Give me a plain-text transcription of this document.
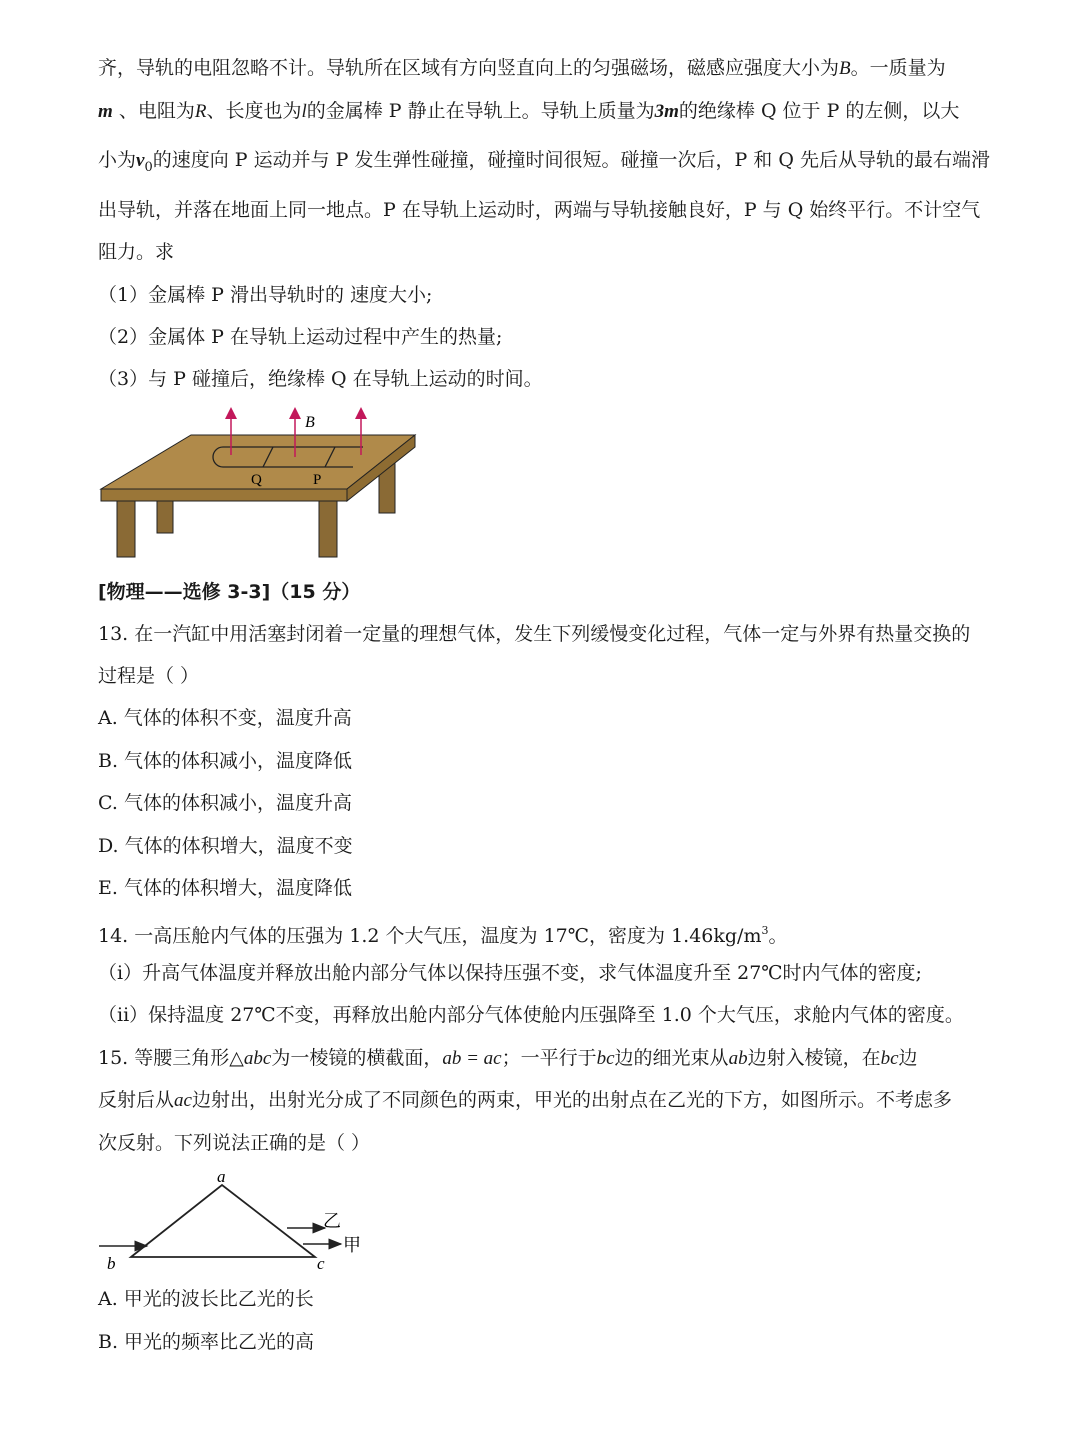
齐，导轨的电阻忽略不计。导轨所在区域有方向竖直向上的匀强磁场，磁感应强度大小为B。一质量为
m 、电阻为R、长度也为l的金属棒 P 静止在导轨上。导轨上质量为3m的绝缘棒 Q 位于 P 的左侧，以大
小为$v_0$的速度向 P 运动并与 P 发生弹性碰撞，碰撞时间很短。碰撞一次后，P 和 Q 先后从导轨的最右端滑
出导轨，并落在地面上同一地点。P 在导轨上运动时，两端与导轨接触良好，P 与 Q 始终平行。不计空气
阻力。求
（1）金属棒 P 滑出导轨时的 速度大小;
（2）金属体 P 在导轨上运动过程中产生的热量;
（3）与 P 碰撞后，绝缘棒 Q 在导轨上运动的时间。
B
Q	P
[物理——选修 3-3]（15 分）
13. 在一汽缸中用活塞封闭着一定量的理想气体，发生下列缓慢变化过程，气体一定与外界有热量交换的
过程是（ ）
A. 气体的体积不变，温度升高
B. 气体的体积减小，温度降低
C. 气体的体积减小，温度升高
D. 气体的体积增大，温度不变
E. 气体的体积增大，温度降低
14. 一高压舱内气体的压强为 1.2 个大气压，温度为 17℃，密度为 $1.46kg/m^3$。
（i）升高气体温度并释放出舱内部分气体以保持压强不变，求气体温度升至 27℃时内气体的密度;
（ii）保持温度 27℃不变，再释放出舱内部分气体使舱内压强降至 1.0 个大气压，求舱内气体的密度。
15. 等腰三角形△abc为一棱镜的横截面，ab = ac；一平行于bc边的细光束从ab边射入棱镜，在bc边
反射后从ac边射出，出射光分成了不同颜色的两束，甲光的出射点在乙光的下方，如图所示。不考虑多
次反射。下列说法正确的是（ ）
a
b	c
乙
甲
A. 甲光的波长比乙光的长
B. 甲光的频率比乙光的高
